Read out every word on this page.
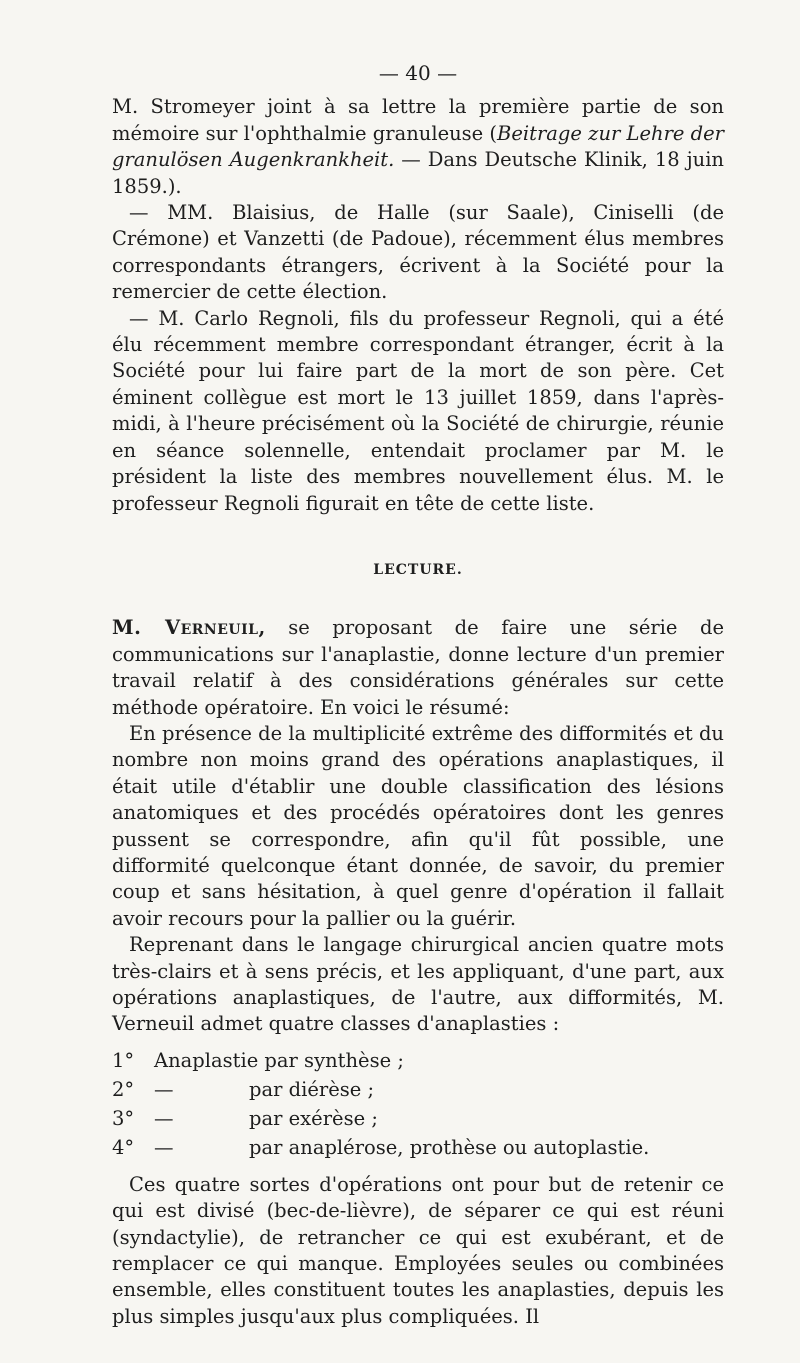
— 40 —

M. Stromeyer joint à sa lettre la première partie de son mémoire sur l'ophthalmie granuleuse (Beitrage zur Lehre der granulösen Augenkrankheit. — Dans Deutsche Klinik, 18 juin 1859.).

— MM. Blaisius, de Halle (sur Saale), Ciniselli (de Crémone) et Vanzetti (de Padoue), récemment élus membres correspondants étrangers, écrivent à la Société pour la remercier de cette élection.

— M. Carlo Regnoli, fils du professeur Regnoli, qui a été élu récemment membre correspondant étranger, écrit à la Société pour lui faire part de la mort de son père. Cet éminent collègue est mort le 13 juillet 1859, dans l'après-midi, à l'heure précisément où la Société de chirurgie, réunie en séance solennelle, entendait proclamer par M. le président la liste des membres nouvellement élus. M. le professeur Regnoli figurait en tête de cette liste.

LECTURE.

M. Verneuil, se proposant de faire une série de communications sur l'anaplastie, donne lecture d'un premier travail relatif à des considérations générales sur cette méthode opératoire. En voici le résumé:

En présence de la multiplicité extrême des difformités et du nombre non moins grand des opérations anaplastiques, il était utile d'établir une double classification des lésions anatomiques et des procédés opératoires dont les genres pussent se correspondre, afin qu'il fût possible, une difformité quelconque étant donnée, de savoir, du premier coup et sans hésitation, à quel genre d'opération il fallait avoir recours pour la pallier ou la guérir.

Reprenant dans le langage chirurgical ancien quatre mots très-clairs et à sens précis, et les appliquant, d'une part, aux opérations anaplastiques, de l'autre, aux difformités, M. Verneuil admet quatre classes d'anaplasties :

1°	Anaplastie par synthèse ;
2°	—	par diérèse ;
3°	—	par exérèse ;
4°	—	par anaplérose, prothèse ou autoplastie.

Ces quatre sortes d'opérations ont pour but de retenir ce qui est divisé (bec-de-lièvre), de séparer ce qui est réuni (syndactylie), de retrancher ce qui est exubérant, et de remplacer ce qui manque. Employées seules ou combinées ensemble, elles constituent toutes les anaplasties, depuis les plus simples jusqu'aux plus compliquées. Il
